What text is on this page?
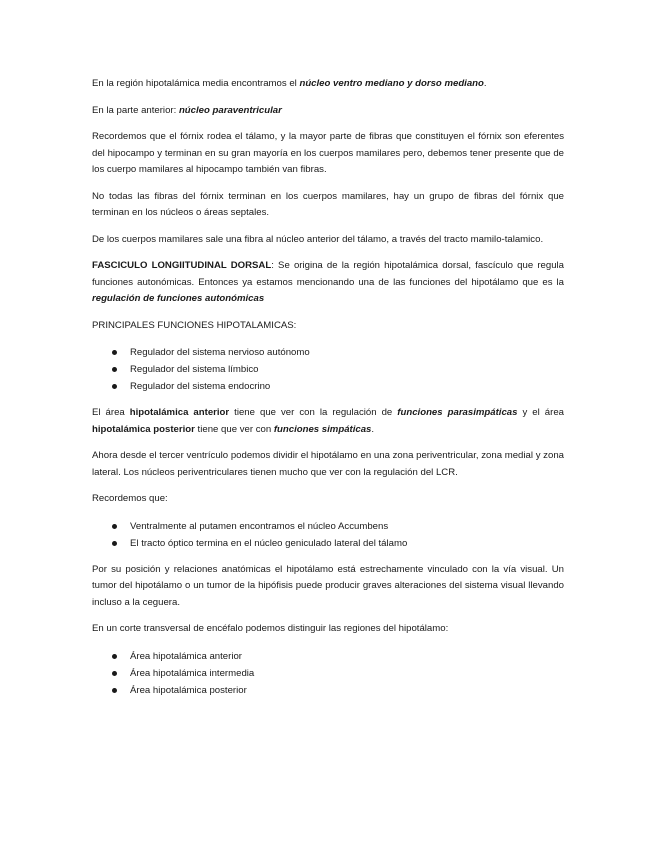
En la región hipotalámica media encontramos el núcleo ventro mediano y dorso mediano.

En la parte anterior: núcleo paraventricular

Recordemos que el fórnix rodea el tálamo, y la mayor parte de fibras que constituyen el fórnix son eferentes del hipocampo y terminan en su gran mayoría en los cuerpos mamilares pero, debemos tener presente que de los cuerpo mamilares al hipocampo también van fibras.

No todas las fibras del fórnix terminan en los cuerpos mamilares, hay un grupo de fibras del fórnix que terminan en los núcleos o áreas septales.

De los cuerpos mamilares sale una fibra al núcleo anterior del tálamo, a través del tracto mamilo-talamico.

FASCICULO LONGIITUDINAL DORSAL: Se origina de la región hipotalámica dorsal, fascículo que regula funciones autonómicas. Entonces ya estamos mencionando una de las funciones del hipotálamo que es la regulación de funciones autonómicas

PRINCIPALES FUNCIONES HIPOTALAMICAS:

Regulador del sistema nervioso autónomo
Regulador del sistema límbico
Regulador del sistema endocrino

El área hipotalámica anterior tiene que ver con la regulación de funciones parasimpáticas y el área hipotalámica posterior tiene que ver con funciones simpáticas.

Ahora desde el tercer ventrículo podemos dividir el hipotálamo en una zona periventricular, zona medial y zona lateral. Los núcleos periventriculares tienen mucho que ver con la regulación del LCR.

Recordemos que:

Ventralmente al putamen encontramos el núcleo Accumbens
El tracto óptico termina en el núcleo geniculado lateral del tálamo

Por su posición y relaciones anatómicas el hipotálamo está estrechamente vinculado con la vía visual. Un tumor del hipotálamo o un tumor de la hipófisis puede producir graves alteraciones del sistema visual llevando incluso a la ceguera.

En un corte transversal de encéfalo podemos distinguir las regiones del hipotálamo:

Área hipotalámica anterior
Área hipotalámica intermedia
Área hipotalámica posterior
